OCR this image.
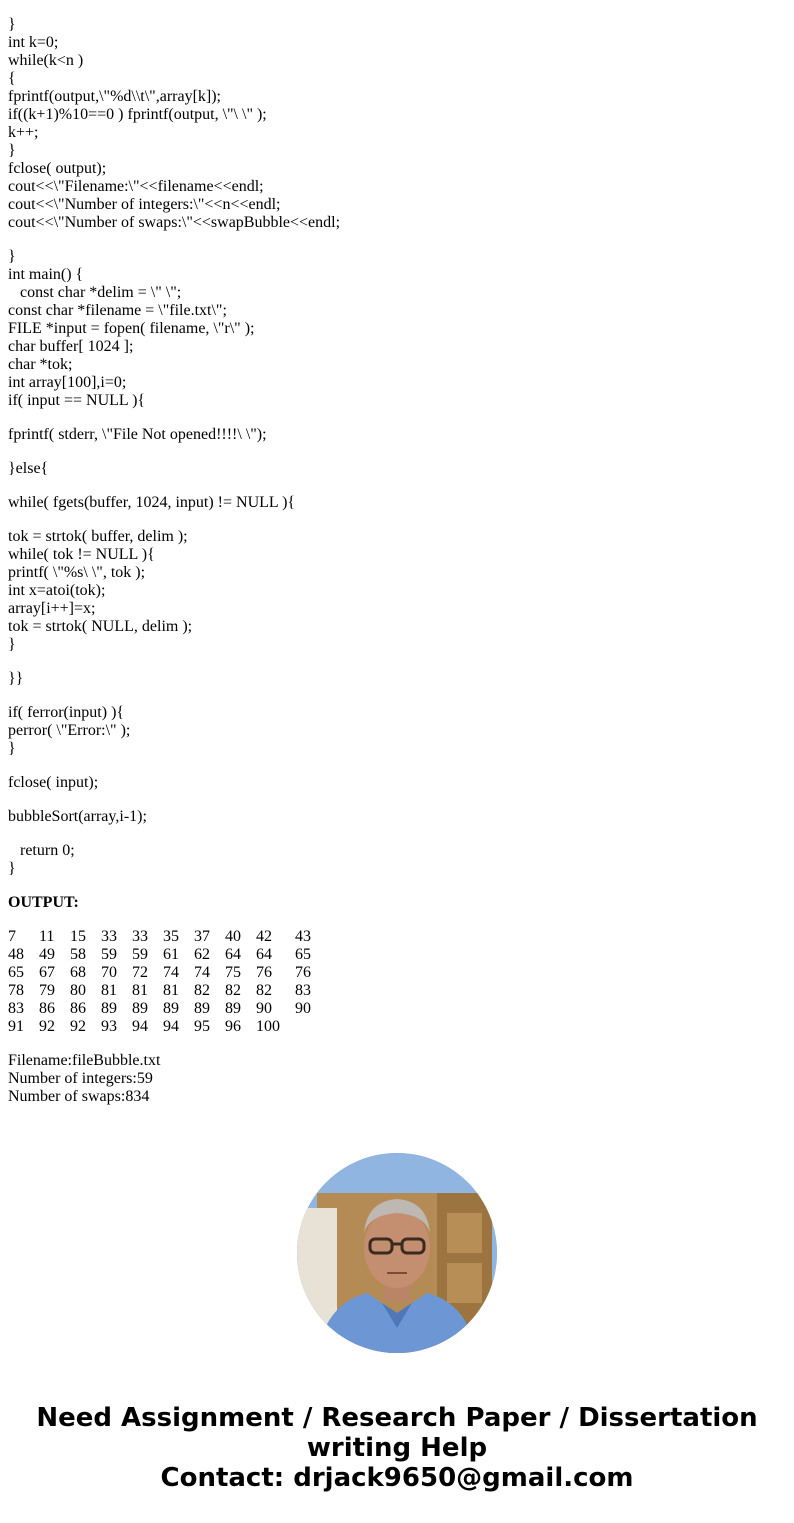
}
int k=0;
while(k<n )
{
fprintf(output,\"%d\\t\",array[k]);
if((k+1)%10==0 ) fprintf(output, \"\ \" );
k++;
}
fclose( output);
cout<<\"Filename:\"<<filename<<endl;
cout<<\"Number of integers:\"<<n<<endl;
cout<<\"Number of swaps:\"<<swapBubble<<endl;
}
int main() {
const char *delim = \" \";
const char *filename = \"file.txt\";
FILE *input = fopen( filename, \"r\" );
char buffer[ 1024 ];
char *tok;
int array[100],i=0;
if( input == NULL ){
fprintf( stderr, \"File Not opened!!!!\ \");
}else{
while( fgets(buffer, 1024, input) != NULL ){
tok = strtok( buffer, delim );
while( tok != NULL ){
printf( \"%s\ \", tok );
int x=atoi(tok);
array[i++]=x;
tok = strtok( NULL, delim );
}
}}
if( ferror(input) ){
perror( \"Error:\" );
}
fclose( input);
bubbleSort(array,i-1);
return 0;
}
OUTPUT:
7	11	15	33	33	35	37	40	42	43
48	49	58	59	59	61	62	64	64	65
65	67	68	70	72	74	74	75	76	76
78	79	80	81	81	81	82	82	82	83
83	86	86	89	89	89	89	89	90	90
91	92	92	93	94	94	95	96	100	
Filename:fileBubble.txt
Number of integers:59
Number of swaps:834
Need Assignment / Research Paper / Dissertation
writing Help
Contact: drjack9650@gmail.com
